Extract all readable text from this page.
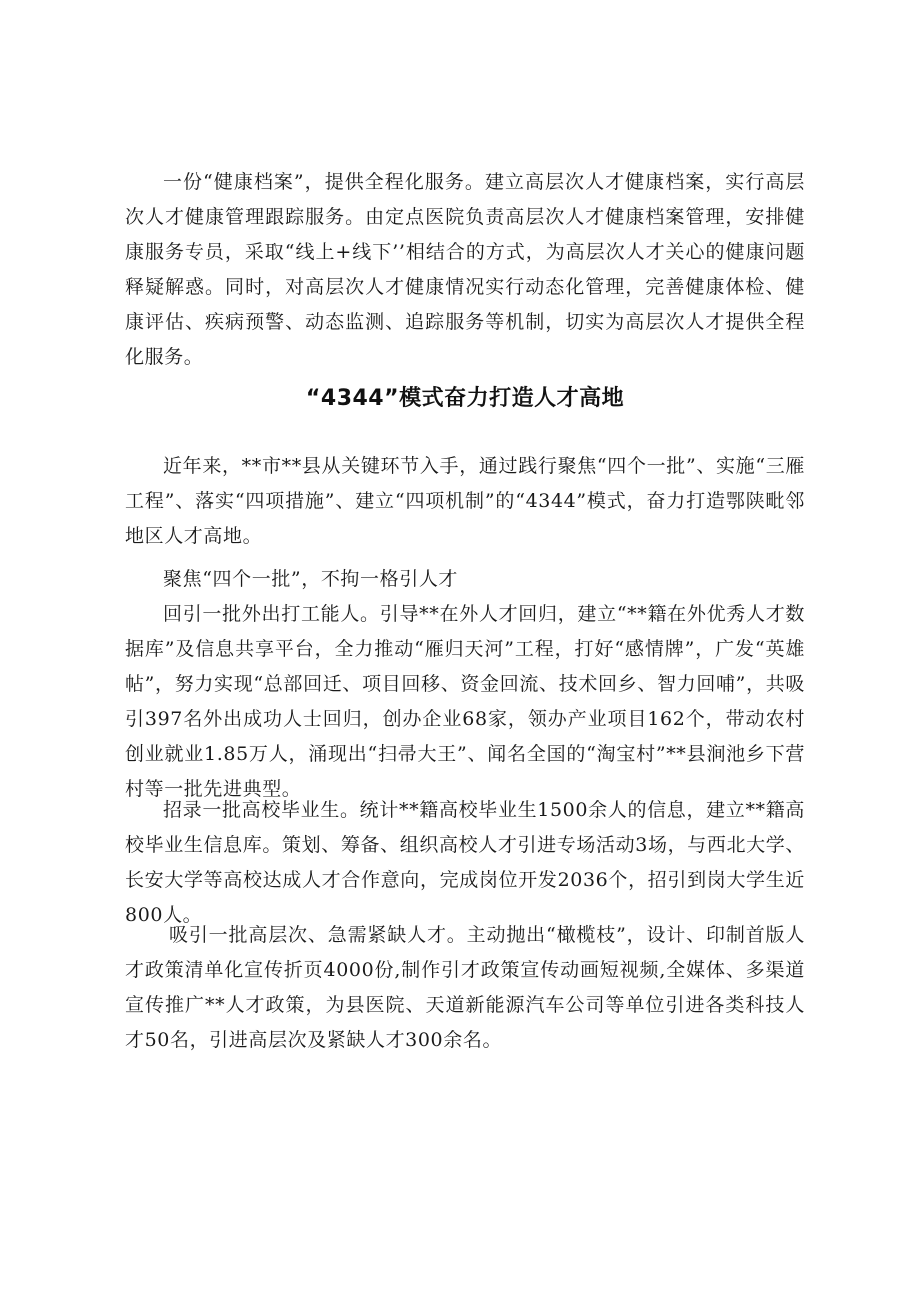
一份“健康档案”，提供全程化服务。建立高层次人才健康档案，实行高层次人才健康管理跟踪服务。由定点医院负责高层次人才健康档案管理，安排健康服务专员，采取“线上+线下’’相结合的方式，为高层次人才关心的健康问题释疑解惑。同时，对高层次人才健康情况实行动态化管理，完善健康体检、健康评估、疾病预警、动态监测、追踪服务等机制，切实为高层次人才提供全程化服务。

“4344”模式奋力打造人才高地

近年来，**市**县从关键环节入手，通过践行聚焦“四个一批”、实施“三雁工程”、落实“四项措施”、建立“四项机制”的“4344”模式，奋力打造鄂陕毗邻地区人才高地。

聚焦“四个一批”，不拘一格引人才

回引一批外出打工能人。引导**在外人才回归，建立“**籍在外优秀人才数据库”及信息共享平台，全力推动“雁归天河”工程，打好“感情牌”，广发“英雄帖”，努力实现“总部回迁、项目回移、资金回流、技术回乡、智力回哺”，共吸引397名外出成功人士回归，创办企业68家，领办产业项目162个，带动农村创业就业1.85万人，涌现出“扫帚大王”、闻名全国的“淘宝村”**县涧池乡下营村等一批先进典型。

招录一批高校毕业生。统计**籍高校毕业生1500余人的信息，建立**籍高校毕业生信息库。策划、筹备、组织高校人才引进专场活动3场，与西北大学、长安大学等高校达成人才合作意向，完成岗位开发2036个，招引到岗大学生近800人。

吸引一批高层次、急需紧缺人才。主动抛出“橄榄枝”，设计、印制首版人才政策清单化宣传折页4000份,制作引才政策宣传动画短视频,全媒体、多渠道宣传推广**人才政策，为县医院、天道新能源汽车公司等单位引进各类科技人才50名，引进高层次及紧缺人才300余名。
